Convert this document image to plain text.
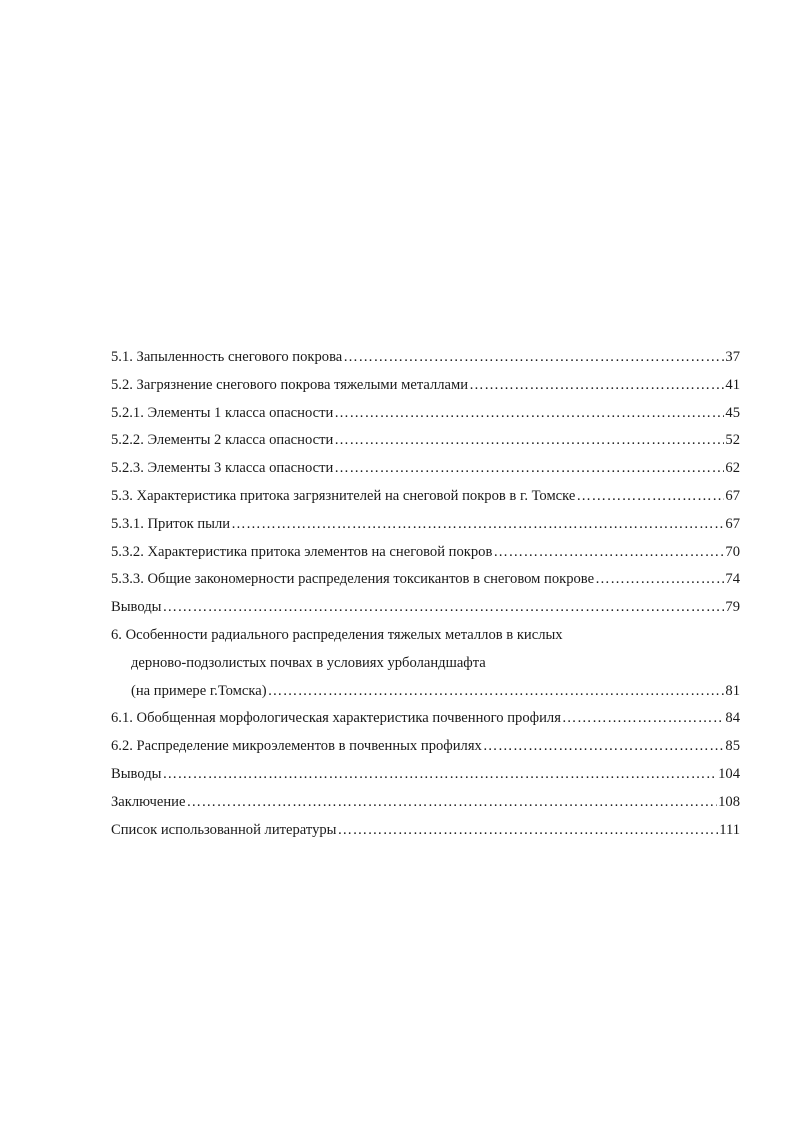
5.1. Запыленность снегового покрова …………………………………………………………………………………………………………………………………………………………………………………………………………………	37
5.2. Загрязнение снегового покрова тяжелыми металлами …………………………………………………………………………………………………………………………………………………………………………………………………………………	41
5.2.1. Элементы 1 класса опасности …………………………………………………………………………………………………………………………………………………………………………………………………………………	45
5.2.2. Элементы 2 класса опасности …………………………………………………………………………………………………………………………………………………………………………………………………………………	52
5.2.3. Элементы 3 класса опасности …………………………………………………………………………………………………………………………………………………………………………………………………………………	62
5.3. Характеристика притока загрязнителей на снеговой покров в г. Томске …………………………………………………………………………………………………………………………………………………………………………………………………………………	67
5.3.1. Приток пыли …………………………………………………………………………………………………………………………………………………………………………………………………………………	67
5.3.2. Характеристика притока элементов на снеговой покров …………………………………………………………………………………………………………………………………………………………………………………………………………………	70
5.3.3. Общие закономерности распределения токсикантов в снеговом покрове …………………………………………………………………………………………………………………………………………………………………………………………………………………	74
Выводы …………………………………………………………………………………………………………………………………………………………………………………………………………………	79
6. Особенности радиального распределения тяжелых металлов в кислых
дерново-подзолистых почвах в условиях урболандшафта
(на примере г.Томска) …………………………………………………………………………………………………………………………………………………………………………………………………………………	81
6.1. Обобщенная морфологическая характеристика почвенного профиля …………………………………………………………………………………………………………………………………………………………………………………………………………………	84
6.2. Распределение микроэлементов в почвенных профилях …………………………………………………………………………………………………………………………………………………………………………………………………………………	85
Выводы …………………………………………………………………………………………………………………………………………………………………………………………………………………	104
Заключение …………………………………………………………………………………………………………………………………………………………………………………………………………………	108
Список использованной литературы …………………………………………………………………………………………………………………………………………………………………………………………………………………	111
